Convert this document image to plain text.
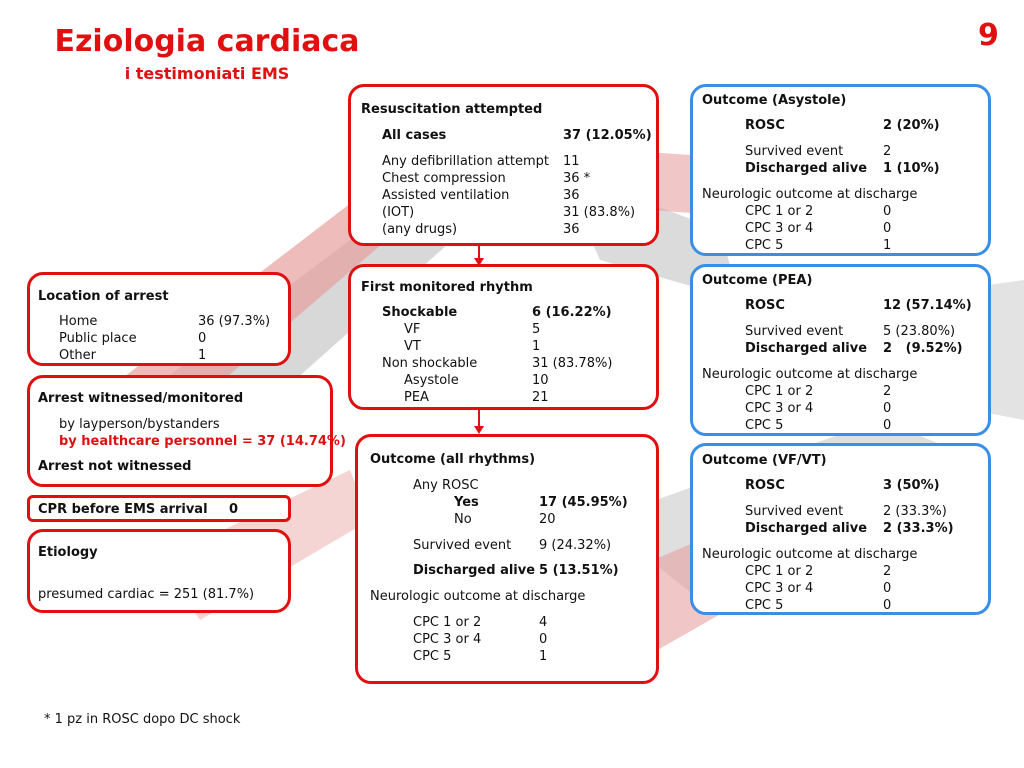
Eziologia cardiaca
i testimoniati EMS
9
Location of arrest
Home	36 (97.3%)
Public place	0
Other	1
Arrest witnessed/monitored
by layperson/bystanders
by healthcare personnel = 37 (14.74%)
Arrest not witnessed
CPR before EMS arrival 0
Etiology
presumed cardiac = 251 (81.7%)
Resuscitation attempted
All cases	37 (12.05%)
Any defibrillation attempt 11
Chest compression	36 *
Assisted ventilation	36
(IOT)	31 (83.8%)
(any drugs)	36
First monitored rhythm
Shockable	6 (16.22%)
VF	5
VT	1
Non shockable	31 (83.78%)
Asystole	10
PEA	21
Outcome (all rhythms)
Any ROSC
Yes	17 (45.95%)
No	20
Survived event 9 (24.32%)
Discharged alive 5 (13.51%)
Neurologic outcome at discharge
CPC 1 or 2	4
CPC 3 or 4	0
CPC 5	1
Outcome (Asystole)
ROSC	2 (20%)
Survived event	2
Discharged alive 1 (10%)
Neurologic outcome at discharge
CPC 1 or 2	0
CPC 3 or 4	0
CPC 5	1
Outcome (PEA)
ROSC	12 (57.14%)
Survived event	5 (23.80%)
Discharged alive 2   (9.52%)
Neurologic outcome at discharge
CPC 1 or 2	2
CPC 3 or 4	0
CPC 5	0
Outcome (VF/VT)
ROSC	3 (50%)
Survived event	2 (33.3%)
Discharged alive 2 (33.3%)
Neurologic outcome at discharge
CPC 1 or 2	2
CPC 3 or 4	0
CPC 5	0
* 1 pz in ROSC dopo DC shock
